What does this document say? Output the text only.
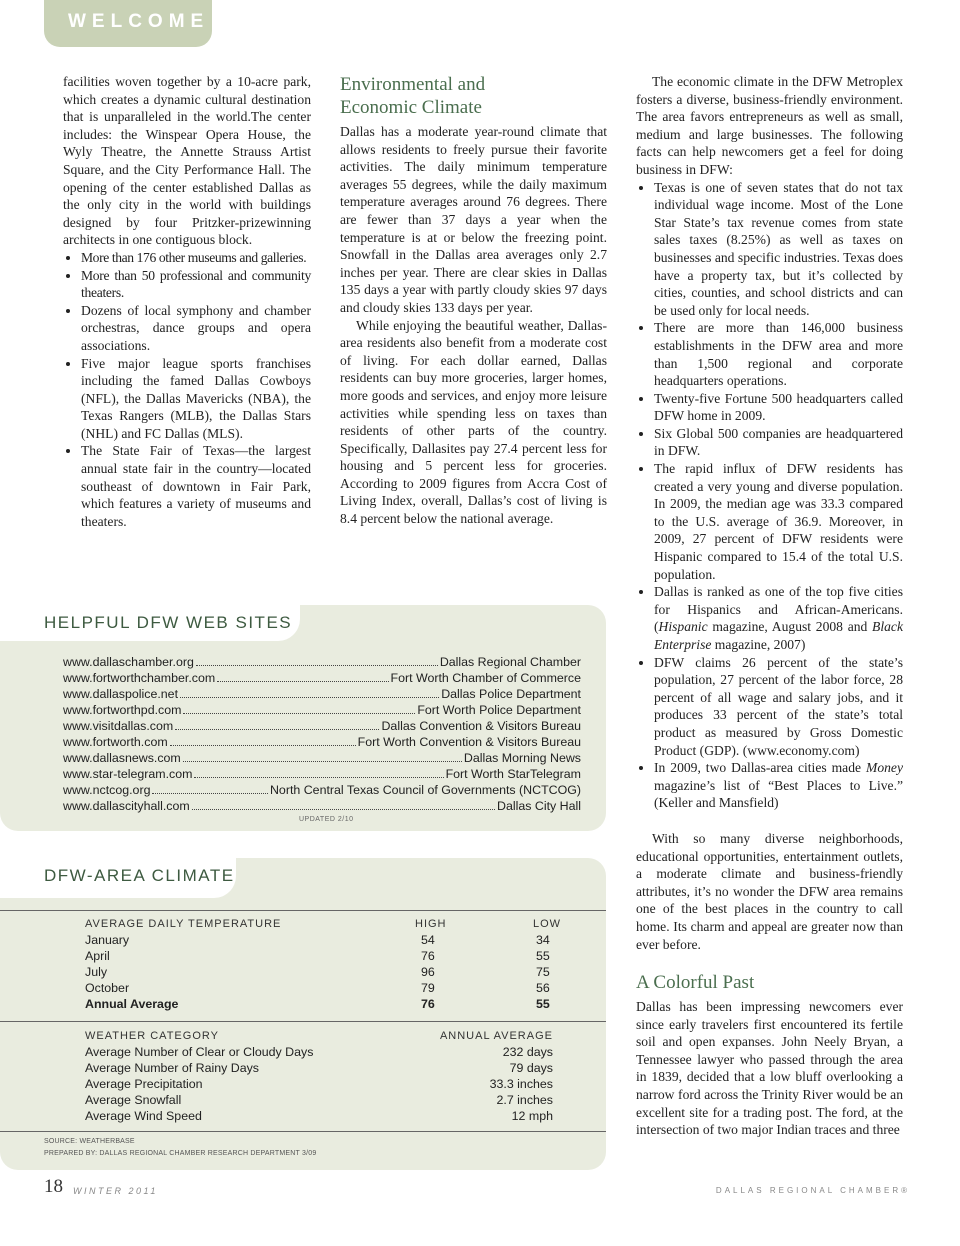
WELCOME

facilities woven together by a 10-acre park, which creates a dynamic cultural destination that is unparalleled in the world.The center includes: the Winspear Opera House, the Wyly Theatre, the Annette Strauss Artist Square, and the City Performance Hall. The opening of the center established Dallas as the only city in the world with buildings designed by four Pritzker-prizewinning architects in one contiguous block.

• More than 176 other museums and galleries.
• More than 50 professional and community theaters.
• Dozens of local symphony and chamber orchestras, dance groups and opera associations.
• Five major league sports franchises including the famed Dallas Cowboys (NFL), the Dallas Mavericks (NBA), the Texas Rangers (MLB), the Dallas Stars (NHL) and FC Dallas (MLS).
• The State Fair of Texas—the largest annual state fair in the country—located southeast of downtown in Fair Park, which features a variety of museums and theaters.
Environmental and Economic Climate

Dallas has a moderate year-round climate that allows residents to freely pursue their favorite activities. The daily minimum temperature averages 55 degrees, while the daily maximum temperature averages around 76 degrees. There are fewer than 37 days a year when the temperature is at or below the freezing point. Snowfall in the Dallas area averages only 2.7 inches per year. There are clear skies in Dallas 135 days a year with partly cloudy skies 97 days and cloudy skies 133 days per year.

While enjoying the beautiful weather, Dallas-area residents also benefit from a moderate cost of living. For each dollar earned, Dallas residents can buy more groceries, larger homes, more goods and services, and enjoy more leisure activities while spending less on taxes than residents of other parts of the country. Specifically, Dallasites pay 27.4 percent less for housing and 5 percent less for groceries. According to 2009 figures from Accra Cost of Living Index, overall, Dallas’s cost of living is 8.4 percent below the national average.

The economic climate in the DFW Metroplex fosters a diverse, business-friendly environment. The area favors entrepreneurs as well as small, medium and large businesses. The following facts can help newcomers get a feel for doing business in DFW:

• Texas is one of seven states that do not tax individual wage income. Most of the Lone Star State’s tax revenue comes from state sales taxes (8.25%) as well as taxes on businesses and specific industries. Texas does have a property tax, but it’s collected by cities, counties, and school districts and can be used only for local needs.
• There are more than 146,000 business establishments in the DFW area and more than 1,500 regional and corporate headquarters operations.
• Twenty-five Fortune 500 headquarters called DFW home in 2009.
• Six Global 500 companies are headquartered in DFW.
• The rapid influx of DFW residents has created a very young and diverse population. In 2009, the median age was 33.3 compared to the U.S. average of 36.9. Moreover, in 2009, 27 percent of DFW residents were Hispanic compared to 15.4 of the total U.S. population.
• Dallas is ranked as one of the top five cities for Hispanics and African-Americans. (Hispanic magazine, August 2008 and Black Enterprise magazine, 2007)
• DFW claims 26 percent of the state’s population, 27 percent of the labor force, 28 percent of all wage and salary jobs, and it produces 33 percent of the state’s total product as measured by Gross Domestic Product (GDP). (www.economy.com)
• In 2009, two Dallas-area cities made Money magazine’s list of “Best Places to Live.” (Keller and Mansfield)

With so many diverse neighborhoods, educational opportunities, entertainment outlets, a moderate climate and business-friendly attributes, it’s no wonder the DFW area remains one of the best places in the country to call home. Its charm and appeal are greater now than ever before.

A Colorful Past

Dallas has been impressing newcomers ever since early travelers first encountered its fertile soil and open expanses. John Neely Bryan, a Tennessee lawyer who passed through the area in 1839, decided that a low bluff overlooking a narrow ford across the Trinity River would be an excellent site for a trading post. The ford, at the intersection of two major Indian traces and three

HELPFUL DFW WEB SITES
www.dallaschamber.org	Dallas Regional Chamber
www.fortworthchamber.com	Fort Worth Chamber of Commerce
www.dallaspolice.net	Dallas Police Department
www.fortworthpd.com	Fort Worth Police Department
www.visitdallas.com	Dallas Convention & Visitors Bureau
www.fortworth.com	Fort Worth Convention & Visitors Bureau
www.dallasnews.com	Dallas Morning News
www.star-telegram.com	Fort Worth StarTelegram
www.nctcog.org	North Central Texas Council of Governments (NCTCOG)
www.dallascityhall.com	Dallas City Hall
UPDATED 2/10
DFW-AREA CLIMATE
AVERAGE DAILY TEMPERATURE	HIGH	LOW
January	54	34
April	76	55
July	96	75
October	79	56
Annual Average	76	55
WEATHER CATEGORY	ANNUAL AVERAGE
Average Number of Clear or Cloudy Days	232 days
Average Number of Rainy Days	79 days
Average Precipitation	33.3 inches
Average Snowfall	2.7 inches
Average Wind Speed	12 mph
SOURCE: WEATHERBASE
PREPARED BY: DALLAS REGIONAL CHAMBER RESEARCH DEPARTMENT 3/09
18 WINTER 2011	DALLAS REGIONAL CHAMBER®
